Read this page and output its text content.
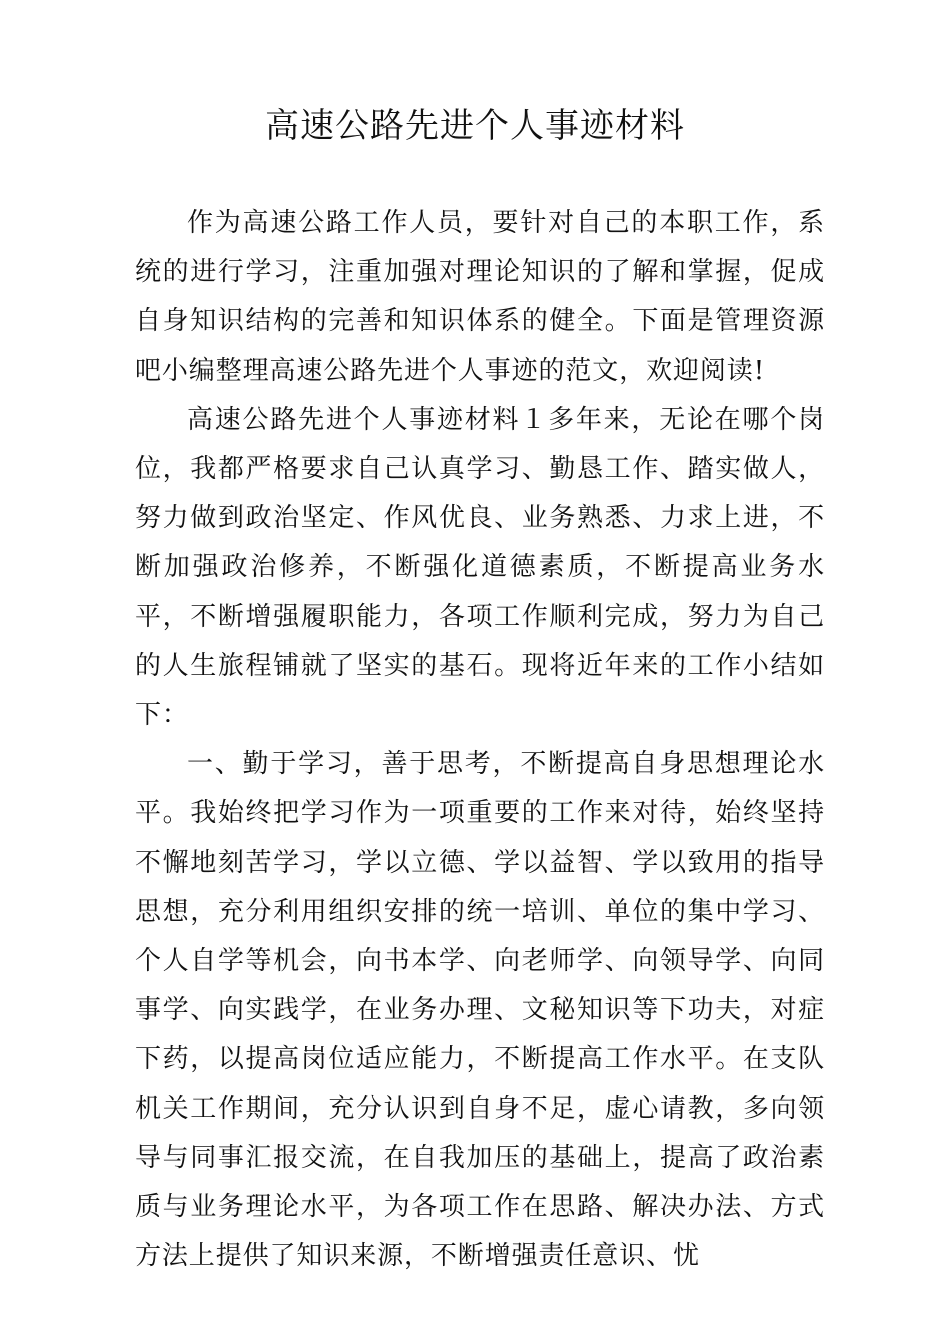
高速公路先进个人事迹材料

作为高速公路工作人员，要针对自己的本职工作，系统的进行学习，注重加强对理论知识的了解和掌握，促成自身知识结构的完善和知识体系的健全。下面是管理资源吧小编整理高速公路先进个人事迹的范文，欢迎阅读!

高速公路先进个人事迹材料１多年来，无论在哪个岗位，我都严格要求自己认真学习、勤恳工作、踏实做人，努力做到政治坚定、作风优良、业务熟悉、力求上进，不断加强政治修养，不断强化道德素质，不断提高业务水平，不断增强履职能力，各项工作顺利完成，努力为自己的人生旅程铺就了坚实的基石。现将近年来的工作小结如下：

一、勤于学习，善于思考，不断提高自身思想理论水平。我始终把学习作为一项重要的工作来对待，始终坚持不懈地刻苦学习，学以立德、学以益智、学以致用的指导思想，充分利用组织安排的统一培训、单位的集中学习、个人自学等机会，向书本学、向老师学、向领导学、向同事学、向实践学，在业务办理、文秘知识等下功夫，对症下药，以提高岗位适应能力，不断提高工作水平。在支队机关工作期间，充分认识到自身不足，虚心请教，多向领导与同事汇报交流，在自我加压的基础上，提高了政治素质与业务理论水平，为各项工作在思路、解决办法、方式方法上提供了知识来源，不断增强责任意识、忧
